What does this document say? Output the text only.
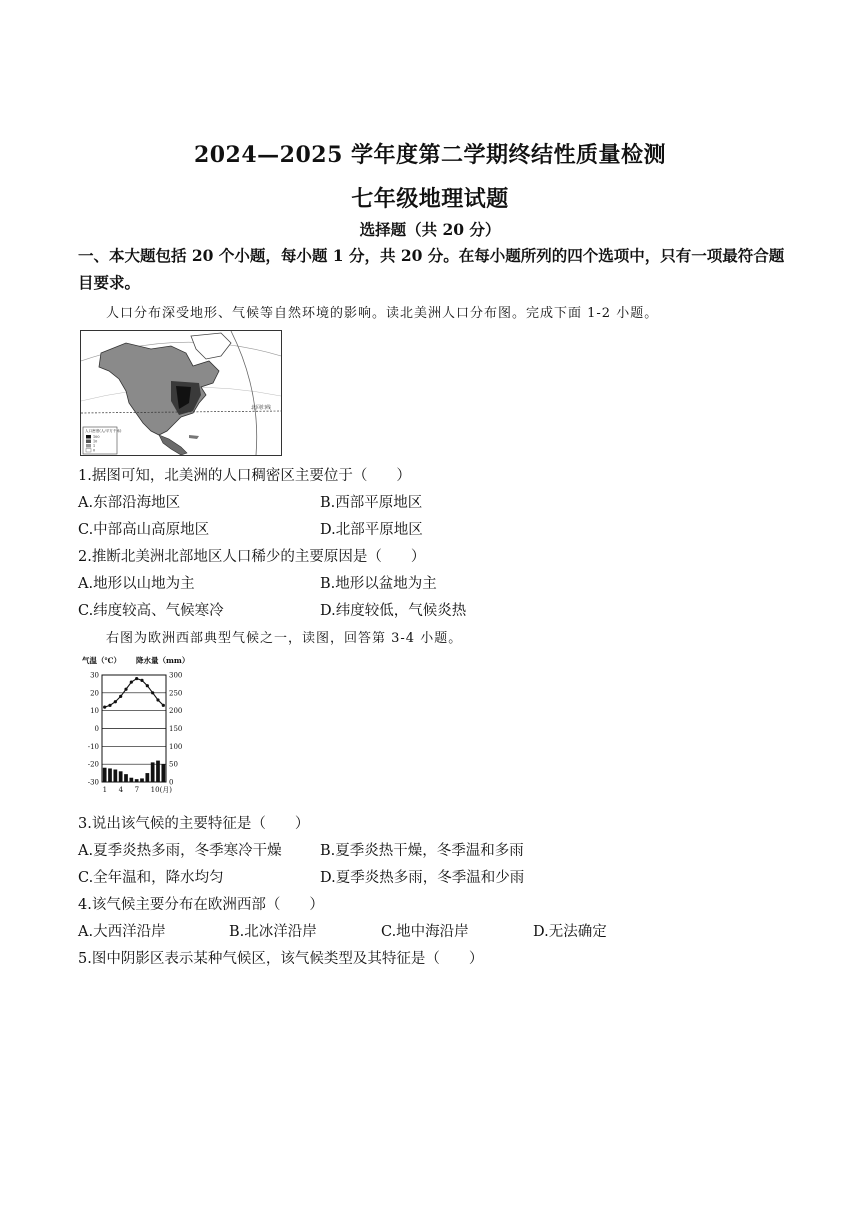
2024—2025 学年度第二学期终结性质量检测
七年级地理试题
选择题（共 20 分）
一、本大题包括 20 个小题，每小题 1 分，共 20 分。在每小题所列的四个选项中，只有一项最符合题目要求。
人口分布深受地形、气候等自然环境的影响。读北美洲人口分布图。完成下面 1-2 小题。
北回归线
人口密度(人/平方千米)
100
10
1
0
1.据图可知，北美洲的人口稠密区主要位于（　　）
A.东部沿海地区	B.西部平原地区
C.中部高山高原地区	D.北部平原地区
2.推断北美洲北部地区人口稀少的主要原因是（　　）
A.地形以山地为主	B.地形以盆地为主
C.纬度较高、气候寒冷	D.纬度较低，气候炎热
右图为欧洲西部典型气候之一，读图，回答第 3-4 小题。
气温（℃） 降水量（mm）
30
20
10
0
-10
-20
-30
300
250
200
150
100
50
0
1 4 7 10(月)
3.说出该气候的主要特征是（　　）
A.夏季炎热多雨，冬季寒冷干燥	B.夏季炎热干燥，冬季温和多雨
C.全年温和，降水均匀	D.夏季炎热多雨，冬季温和少雨
4.该气候主要分布在欧洲西部（　　）
A.大西洋沿岸	B.北冰洋沿岸	C.地中海沿岸	D.无法确定
5.图中阴影区表示某种气候区，该气候类型及其特征是（　　）
